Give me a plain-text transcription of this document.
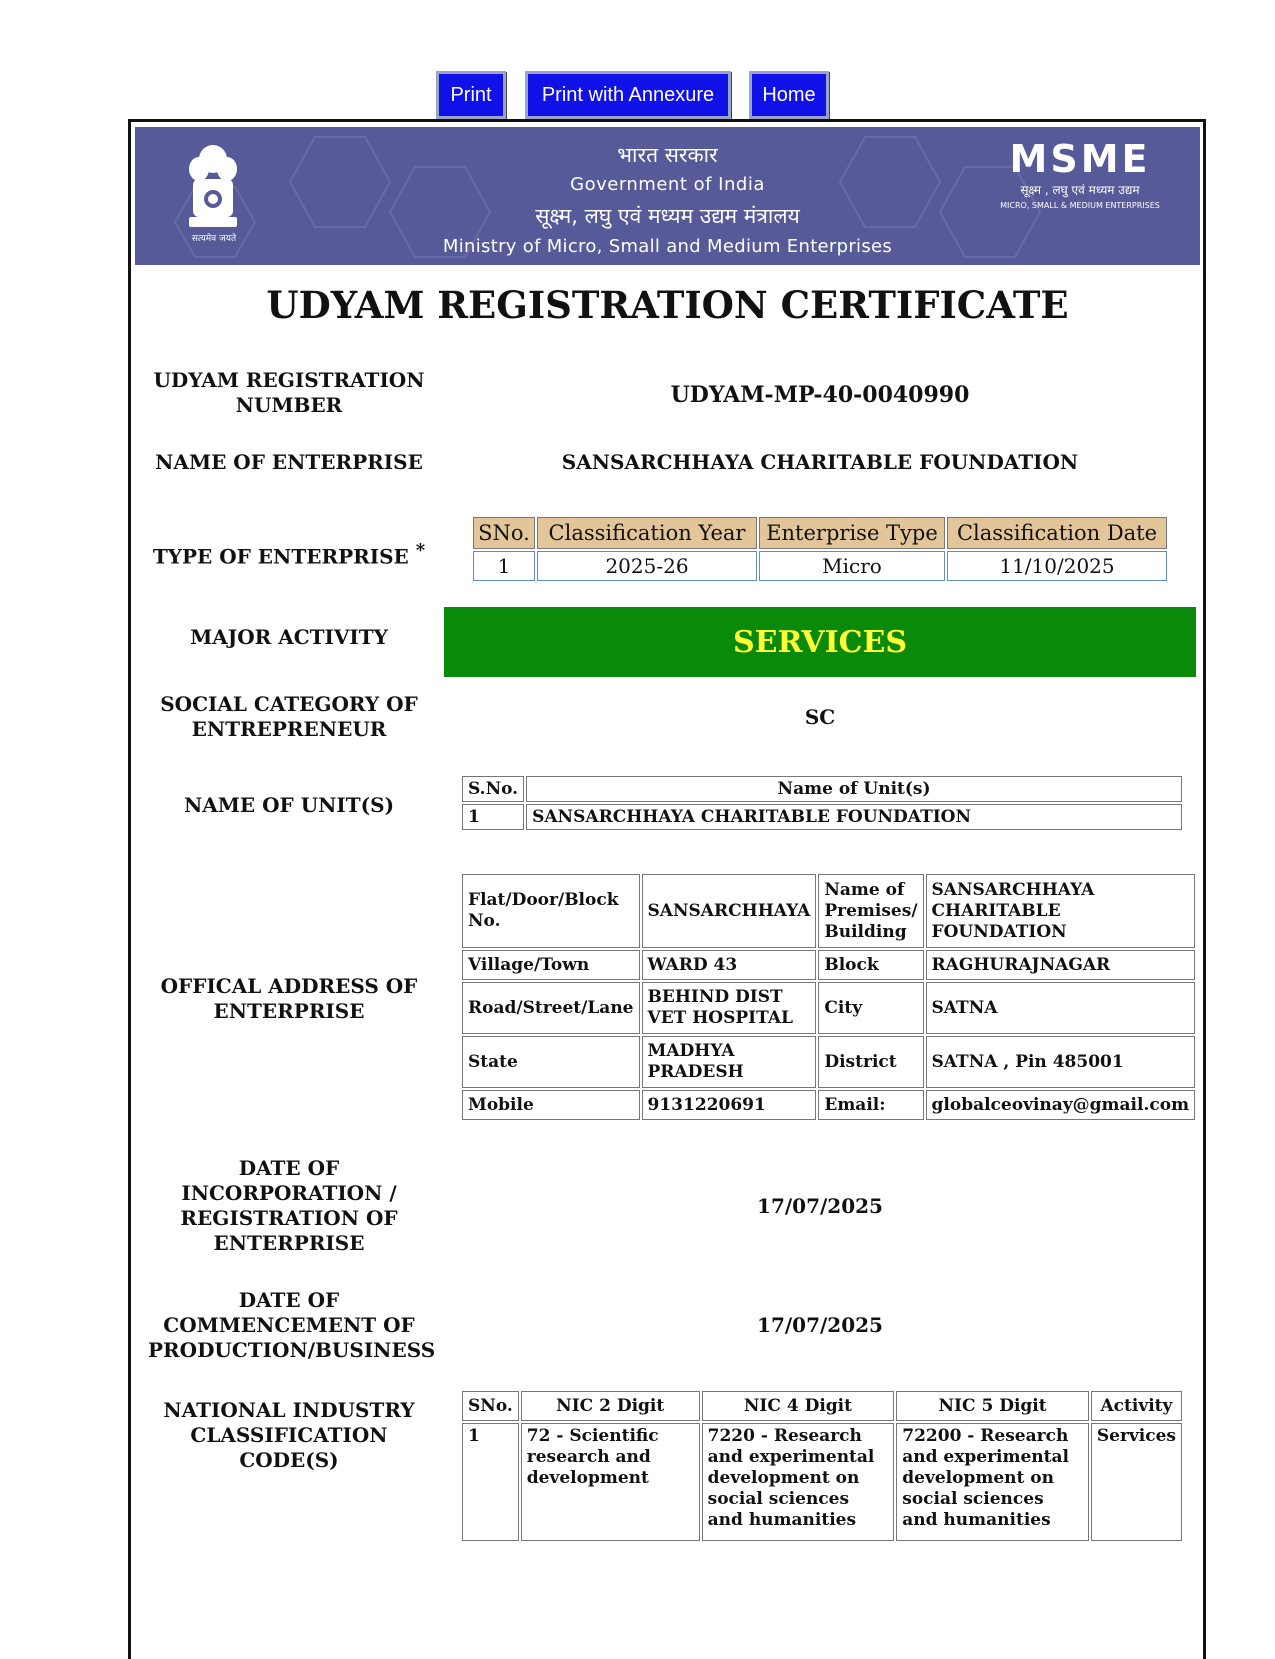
Print	Print with Annexure	Home
सत्यमेव जयते
भारत सरकार
Government of India
सूक्ष्म, लघु एवं मध्यम उद्यम मंत्रालय
Ministry of Micro, Small and Medium Enterprises
MSME
सूक्ष्म , लघु एवं मध्यम उद्यम
MICRO, SMALL & MEDIUM ENTERPRISES
UDYAM REGISTRATION CERTIFICATE
UDYAM REGISTRATION NUMBER	UDYAM-MP-40-0040990
NAME OF ENTERPRISE	SANSARCHHAYA CHARITABLE FOUNDATION
TYPE OF ENTERPRISE *
SNo.	Classification Year	Enterprise Type	Classification Date
1	2025-26	Micro	11/10/2025
MAJOR ACTIVITY	SERVICES
SOCIAL CATEGORY OF ENTREPRENEUR	SC
NAME OF UNIT(S)
S.No.	Name of Unit(s)
1	SANSARCHHAYA CHARITABLE FOUNDATION
OFFICAL ADDRESS OF ENTERPRISE
Flat/Door/Block No.	SANSARCHHAYA	Name of Premises/ Building	SANSARCHHAYA CHARITABLE FOUNDATION
Village/Town	WARD 43	Block	RAGHURAJNAGAR
Road/Street/Lane	BEHIND DIST VET HOSPITAL	City	SATNA
State	MADHYA PRADESH	District	SATNA , Pin 485001
Mobile	9131220691	Email:	globalceovinay@gmail.com
DATE OF INCORPORATION / REGISTRATION OF ENTERPRISE
17/07/2025
DATE OF COMMENCEMENT OF PRODUCTION/BUSINESS
17/07/2025
NATIONAL INDUSTRY CLASSIFICATION CODE(S)
SNo.	NIC 2 Digit	NIC 4 Digit	NIC 5 Digit	Activity
1	72 - Scientific research and development	7220 - Research and experimental development on social sciences and humanities	72200 - Research and experimental development on social sciences and humanities	Services
